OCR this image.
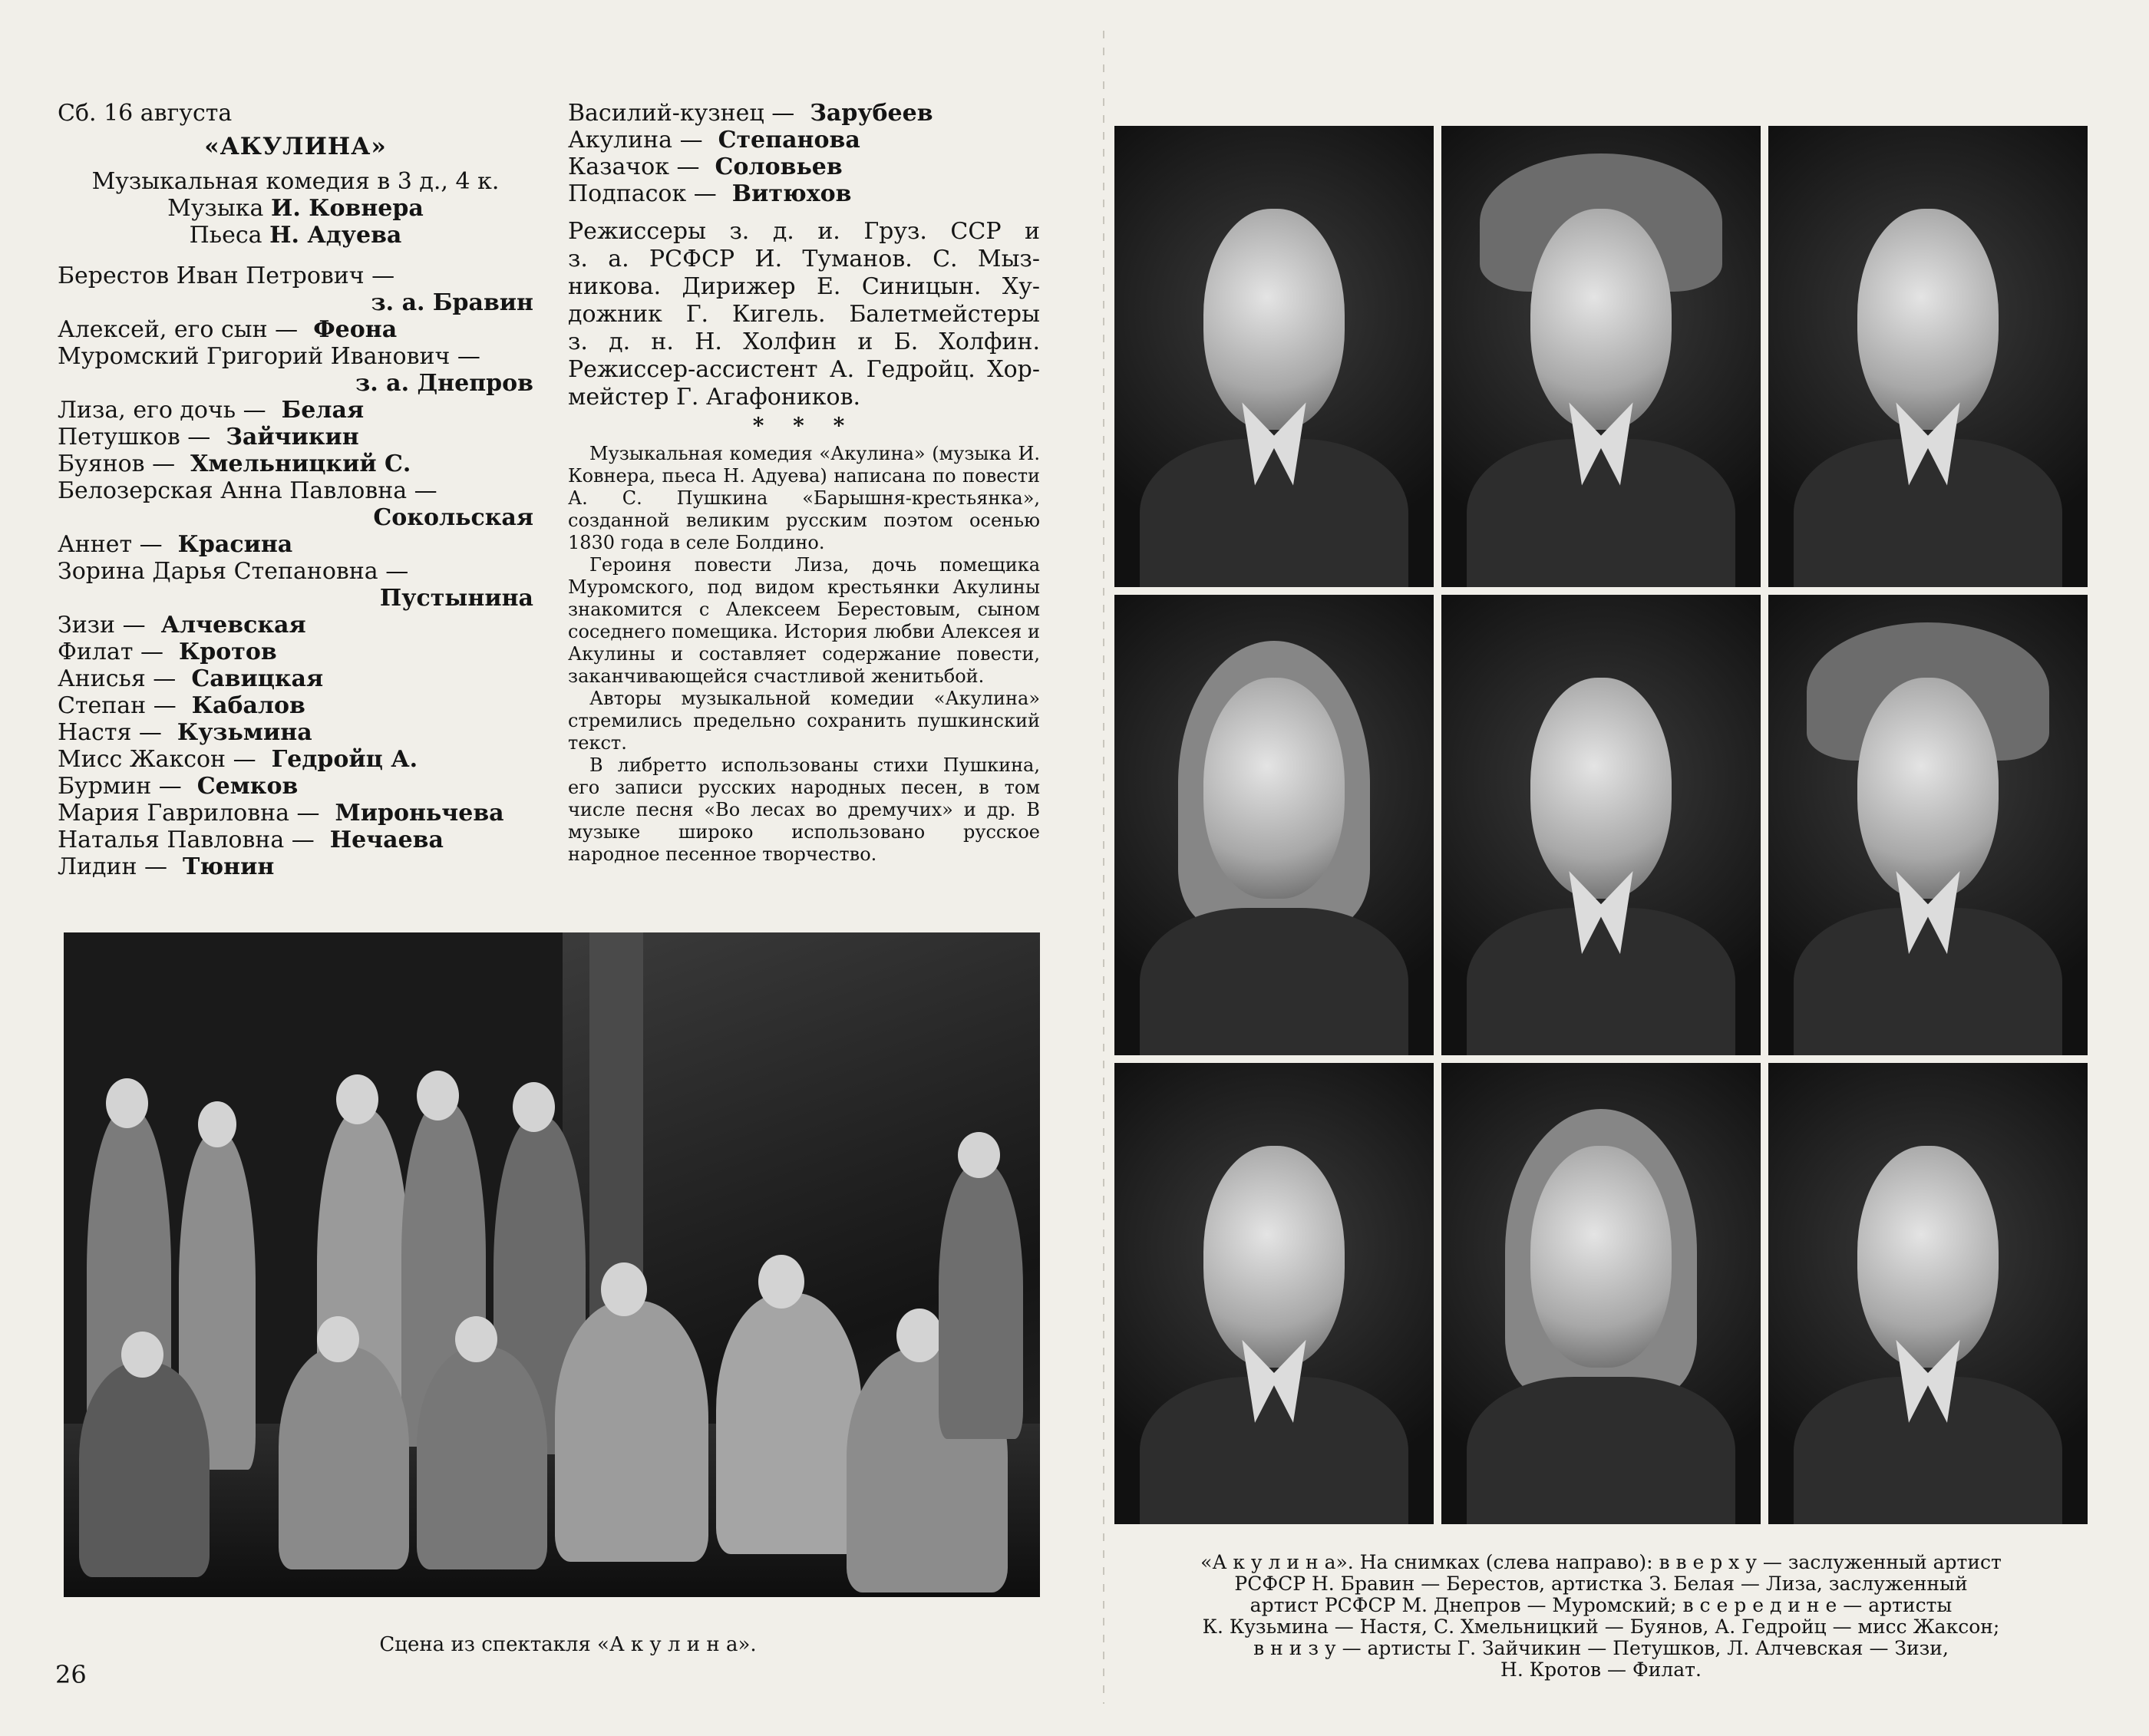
Сб. 16 августа

«АКУЛИНА»

Музыкальная комедия в 3 д., 4 к.

Музыка И. Ковнера

Пьеса Н. Адуева

Берестов Иван Петрович —

з. а. Бравин

Алексей, его сын — Феона

Муромский Григорий Иванович —

з. а. Днепров

Лиза, его дочь — Белая

Петушков — Зайчикин

Буянов — Хмельницкий С.

Белозерская Анна Павловна —

Сокольская

Аннет — Красина

Зорина Дарья Степановна —

Пустынина

Зизи — Алчевская

Филат — Кротов

Анисья — Савицкая

Степан — Кабалов

Настя — Кузьмина

Мисс Жаксон — Гедройц А.

Бурмин — Семков

Мария Гавриловна — Мироньчева

Наталья Павловна — Нечаева

Лидин — Тюнин

Василий-кузнец — Зарубеев

Акулина — Степанова

Казачок — Соловьев

Подпасок — Витюхов

Режиссеры з. д. и. Груз. ССР и
з. а. РСФСР И. Туманов. С. Мыз-
никова. Дирижер Е. Синицын. Ху-
дожник Г. Кигель. Балетмейстеры
з. д. н. Н. Холфин и Б. Холфин.
Режиссер-ассистент А. Гедройц. Хор-
мейстер Г. Агафоников.
* * *

Музыкальная комедия «Акулина» (музыка И. Ковнера, пьеса Н. Адуева) написана по повести А. С. Пушкина «Барышня-крестьянка», созданной великим русским поэтом осенью 1830 года в селе Болдино.

Героиня повести Лиза, дочь помещика Муромского, под видом крестьянки Акулины знакомится с Алексеем Берестовым, сыном соседнего помещика. История любви Алексея и Акулины и составляет содержание повести, заканчивающейся счастливой женитьбой.

Авторы музыкальной комедии «Акулина» стремились предельно сохранить пушкинский текст.

В либретто использованы стихи Пушкина, его записи русских народных песен, в том числе песня «Во лесах во дремучих» и др. В музыке широко использовано русское народное песенное творчество.

Сцена из спектакля «А к у л и н а».
26

«А к у л и н а». На снимках (слева направо): в в е р х у — заслуженный артист

РСФСР Н. Бравин — Берестов, артистка З. Белая — Лиза, заслуженный

артист РСФСР М. Днепров — Муромский; в с е р е д и н е — артисты

К. Кузьмина — Настя, С. Хмельницкий — Буянов, А. Гедройц — мисс Жаксон;

в н и з у — артисты Г. Зайчикин — Петушков, Л. Алчевская — Зизи,

Н. Кротов — Филат.
